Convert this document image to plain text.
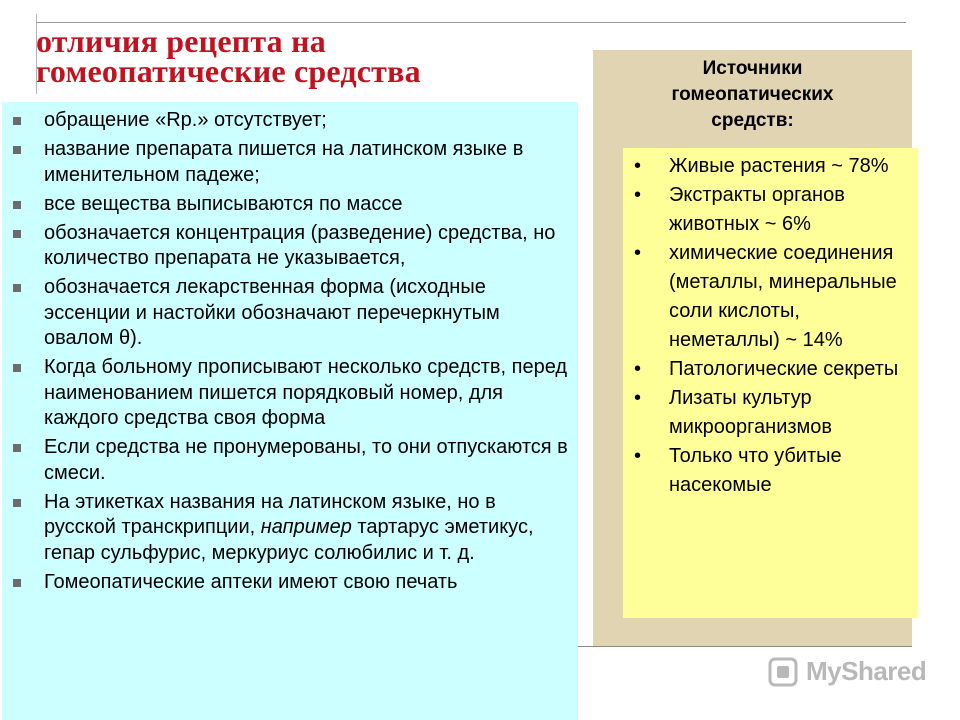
отличия рецепта на
гомеопатические средства
обращение «Rp.» отсутствует;
название препарата пишется на латинском языке в именительном падеже;
все вещества выписываются по массе
обозначается концентрация (разведение) средства, но количество препарата не указывается,
обозначается лекарственная форма (исходные эссенции и настойки обозначают перечеркнутым овалом θ).
Когда больному прописывают несколько средств, перед наименованием пишется порядковый номер, для каждого средства своя форма
Если средства не пронумерованы, то они отпускаются в смеси.
На этикетках названия на латинском языке, но в русской транскрипции, например тартарус эметикус, гепар сульфурис, меркуриус солюбилис и т. д.
Гомеопатические аптеки имеют свою печать
Источники
гомеопатических
средств:
• Живые растения ~ 78%
• Экстракты органов животных ~ 6%
• химические соединения (металлы, минеральные соли кислоты, неметаллы) ~ 14%
• Патологические секреты
• Лизаты культур микроорганизмов
• Только что убитые насекомые
MyShared
